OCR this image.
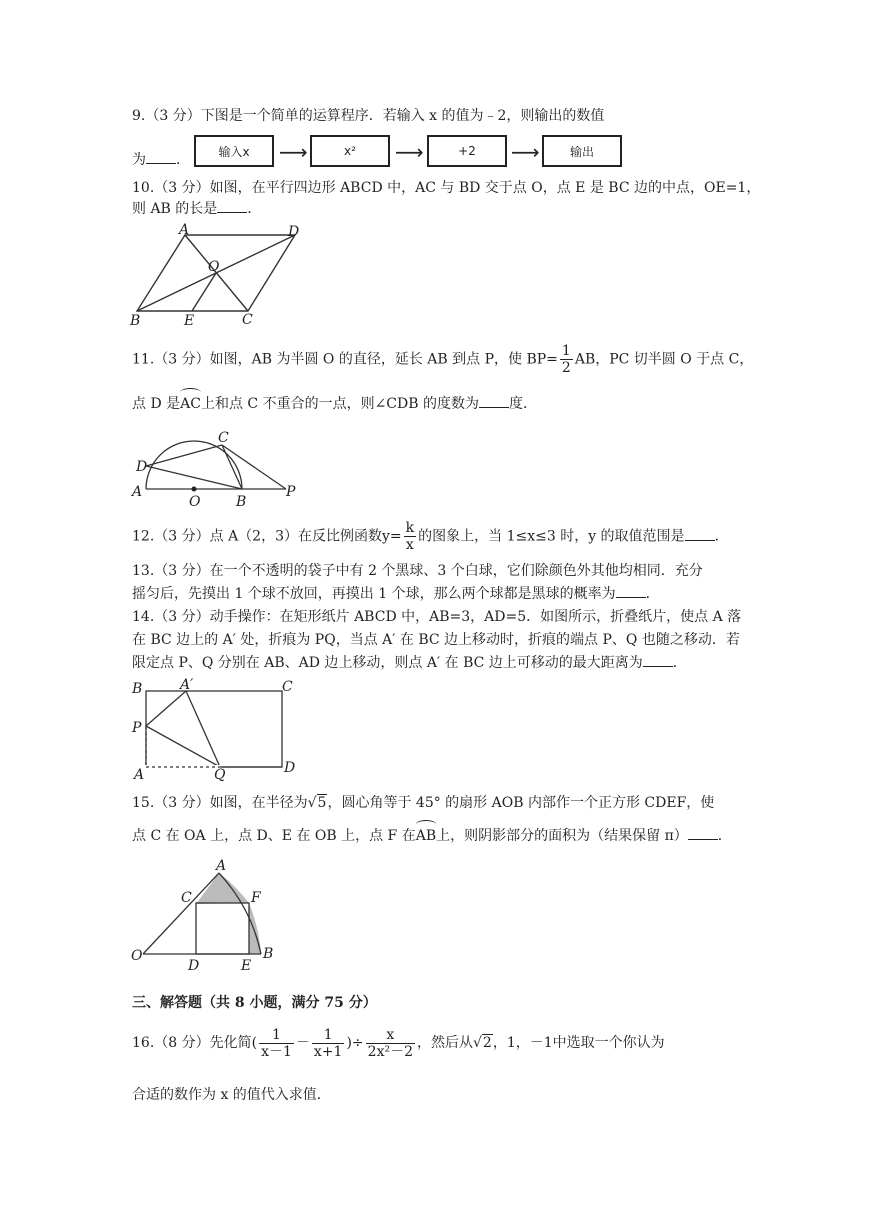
9.（3 分）下图是一个简单的运算程序．若输入 x 的值为﹣2，则输出的数值
为 ．
输入x	⟶	x²	⟶	+2	⟶	输出
10.（3 分）如图，在平行四边形 ABCD 中，AC 与 BD 交于点 O，点 E 是 BC 边的中点，OE=1，
则 AB 的长是 ．
A	D
O
B	E	C
11.（3 分）如图，AB 为半圆 O 的直径，延长 AB 到点 P，使 $BP= \frac{1}{2}$ AB，PC 切半圆 O 于点 C，
点 D 是AC上和点 C 不重合的一点，则∠CDB 的度数为 度．
C
D
A
O	B
P
12.（3 分）点 A（2，3）在反比例函数$y= \frac{k}{x}$ 的图象上，当 1≤x≤3 时，y 的取值范围是 ．
13.（3 分）在一个不透明的袋子中有 2 个黑球、3 个白球，它们除颜色外其他均相同．充分
摇匀后，先摸出 1 个球不放回，再摸出 1 个球，那么两个球都是黑球的概率为 ．
14.（3 分）动手操作：在矩形纸片 ABCD 中，AB=3，AD=5．如图所示，折叠纸片，使点 A 落
在 BC 边上的 A′ 处，折痕为 PQ，当点 A′ 在 BC 边上移动时，折痕的端点 P、Q 也随之移动．若
限定点 P、Q 分别在 AB、AD 边上移动，则点 A′ 在 BC 边上可移动的最大距离为 ．
B	A′	C
P
A	Q	D
15.（3 分）如图，在半径为√5，圆心角等于 45° 的扇形 AOB 内部作一个正方形 CDEF，使
点 C 在 OA 上，点 D、E 在 OB 上，点 F 在AB上，则阴影部分的面积为（结果保留 π） ．
A
C	F
O
D	E
B
三、解答题（共 8 小题，满分 75 分）
16.（8 分）先化简( $\frac{1}{x-1} - \frac{1}{x+1}$ )÷ $\frac{x}{\text{2x²－2}}$ ，然后从√2，1，－1中选取一个你认为
合适的数作为 x 的值代入求值．
